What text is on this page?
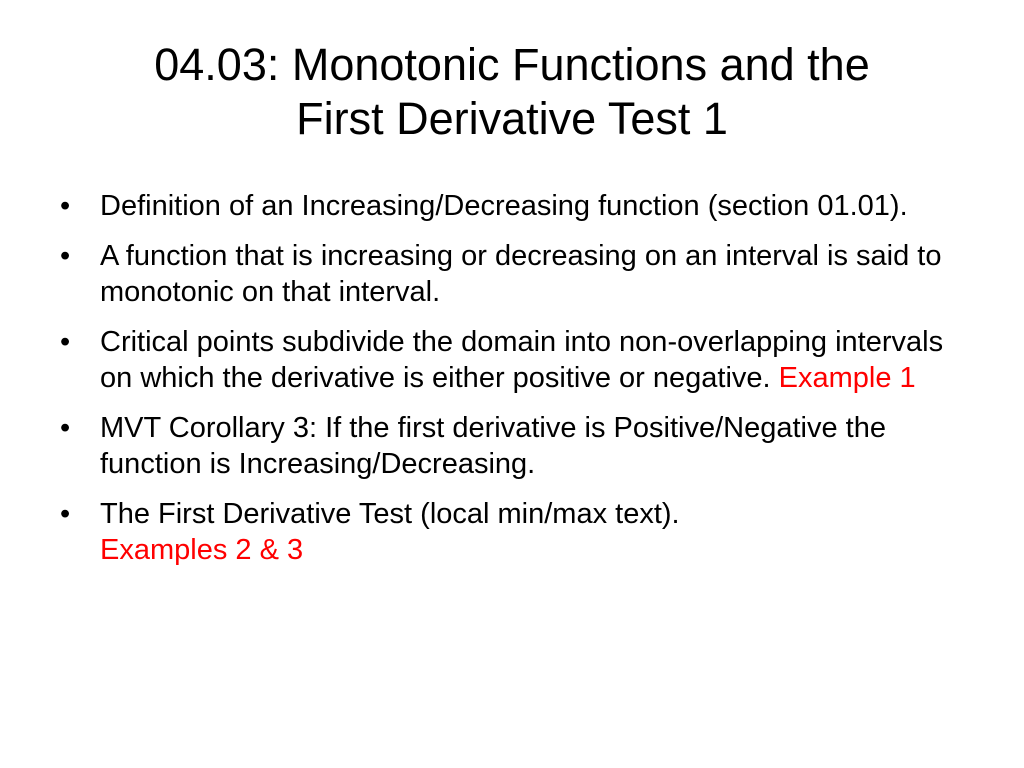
04.03: Monotonic Functions and the
First Derivative Test 1
•	Definition of an Increasing/Decreasing function (section 01.01).
•	A function that is increasing or decreasing on an interval is said to monotonic on that interval.
•	Critical points subdivide the domain into non-overlapping intervals on which the derivative is either positive or negative. Example 1
•	MVT Corollary 3: If the first derivative is Positive/Negative the function is Increasing/Decreasing.
•	The First Derivative Test (local min/max text).
Examples 2 & 3
